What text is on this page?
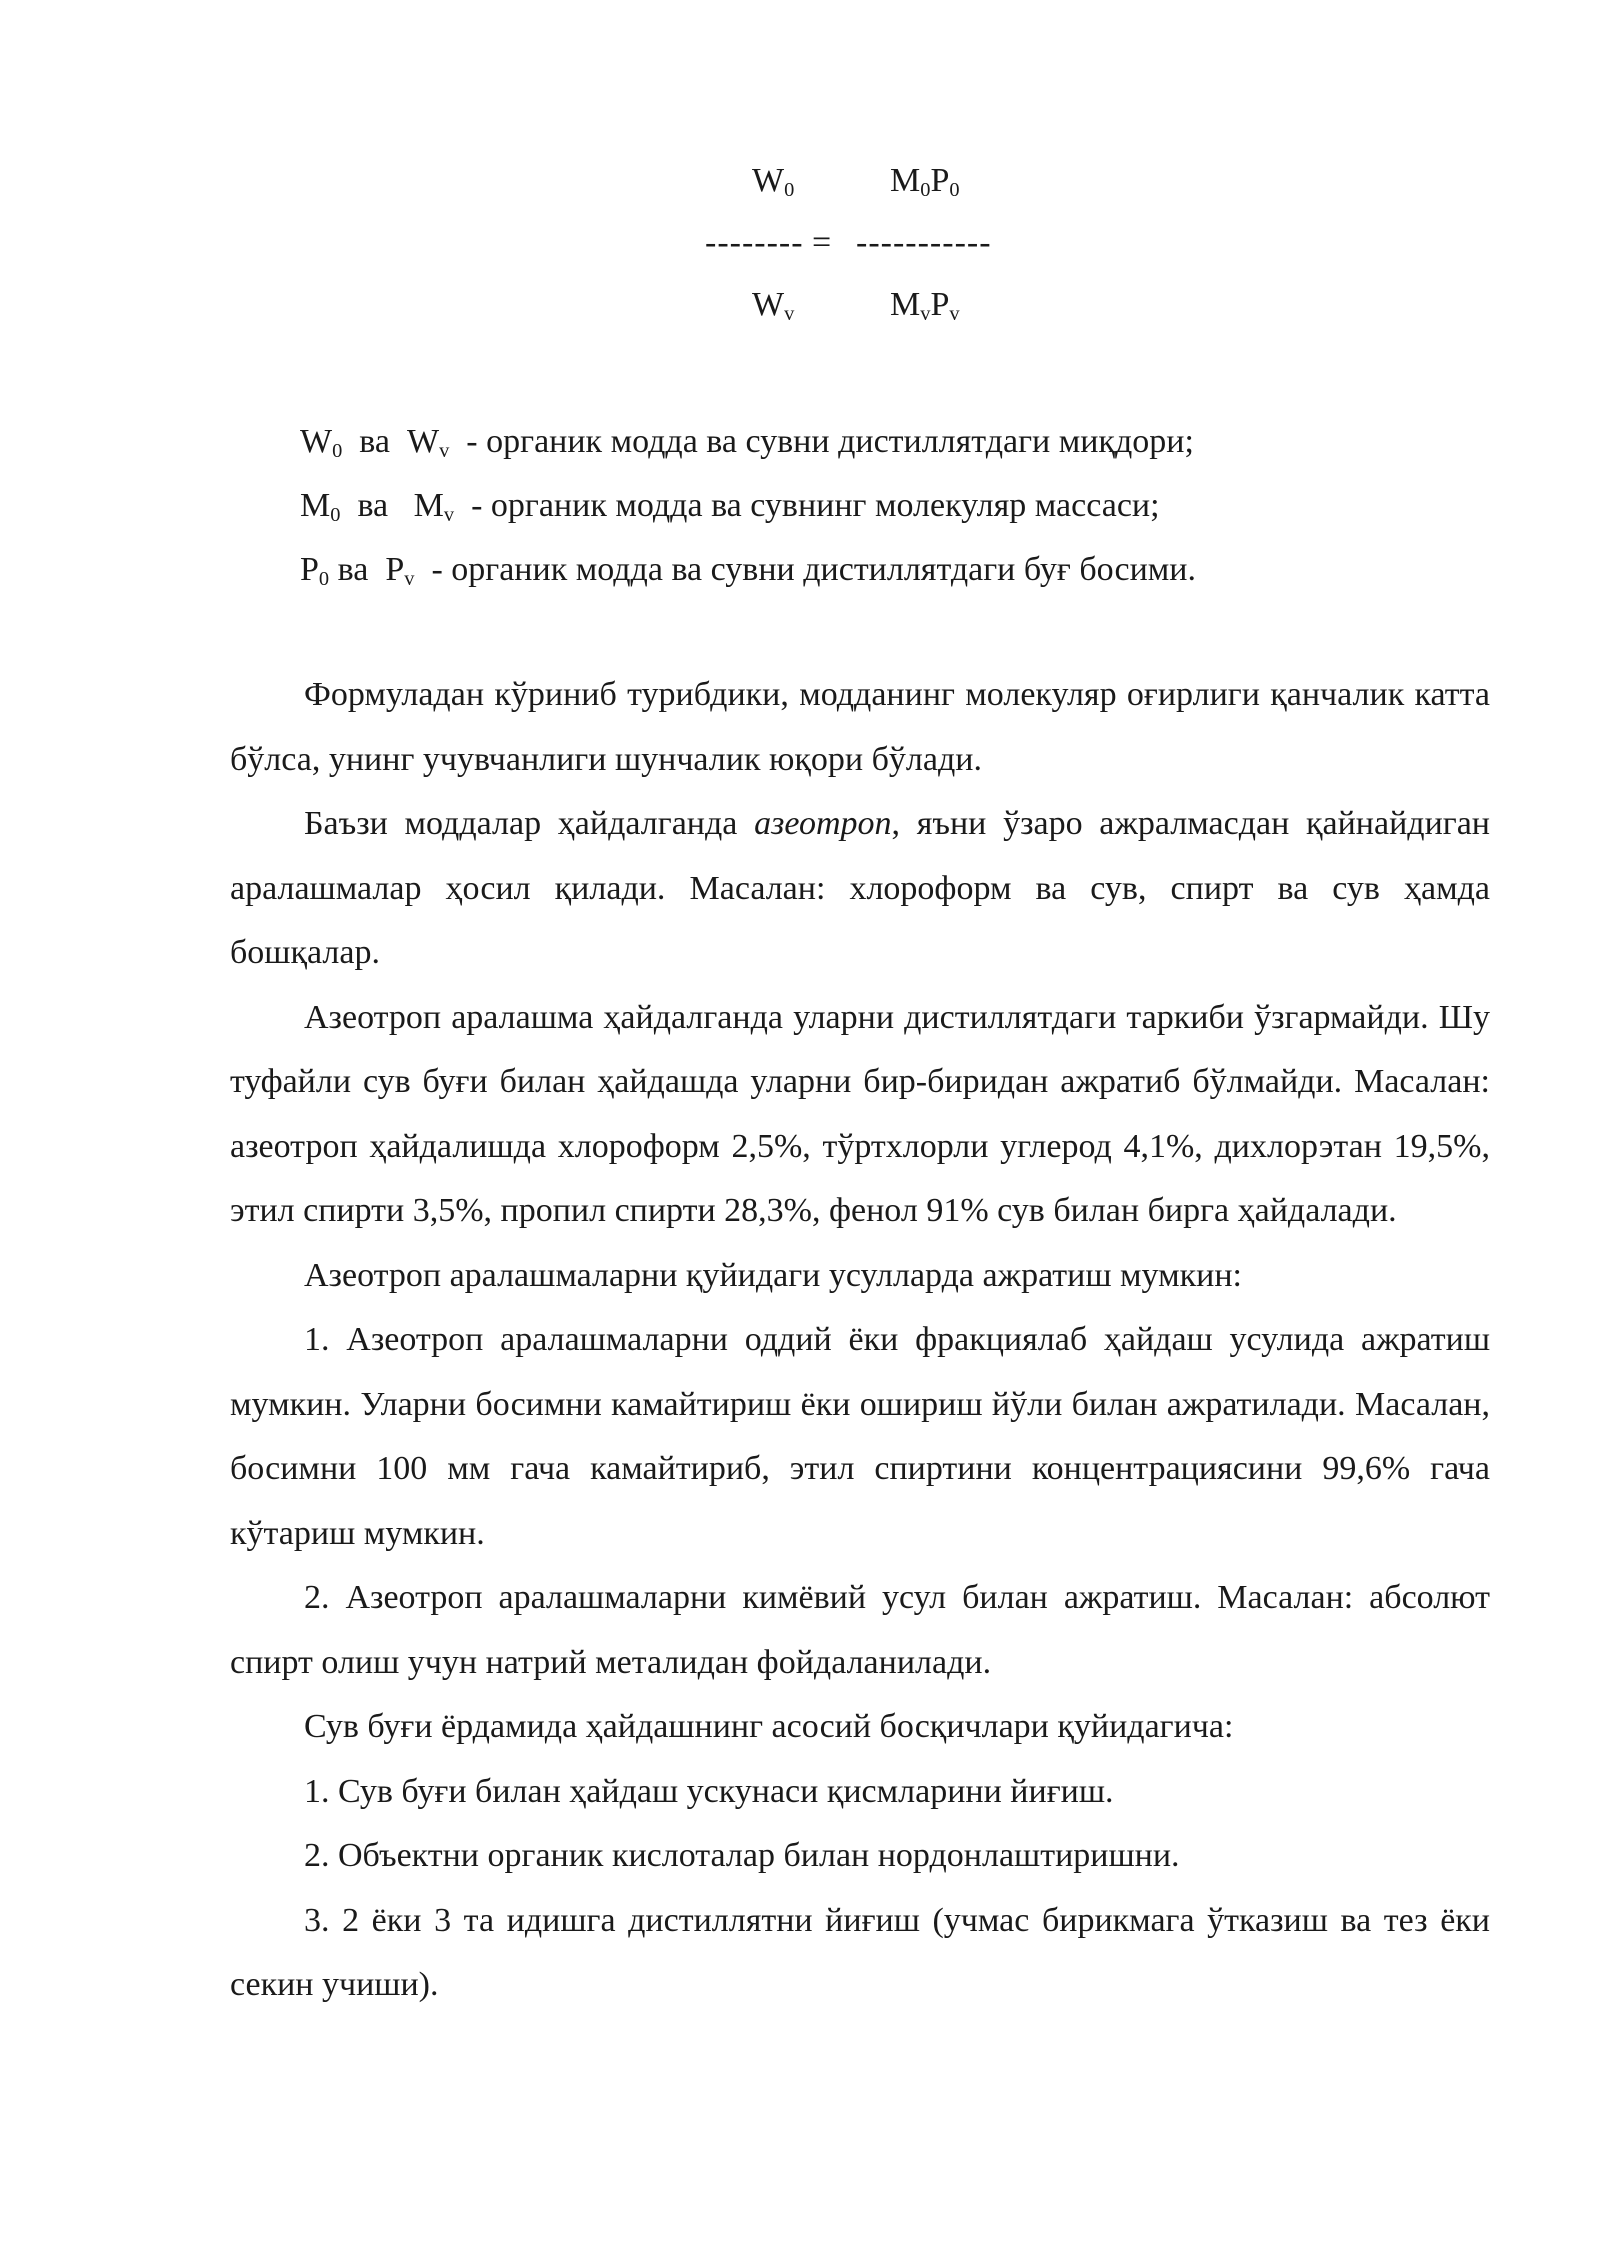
$W_0$	$M_0P_0$
-------- = -----------
$W_v$	$M_vP_v$
$W_0$ ва $W_v$ - органик модда ва сувни дистиллятдаги миқдори;
$M_0$ ва $M_v$ - органик модда ва сувнинг молекуляр массаси;
$P_0$ ва $P_v$ - органик модда ва сувни дистиллятдаги буғ босими.

Формуладан кўриниб турибдики, модданинг молекуляр оғирлиги қанчалик катта бўлса, унинг учувчанлиги шунчалик юқори бўлади.

Баъзи моддалар ҳайдалганда азеотроп, яъни ўзаро ажралмасдан қайнайдиган аралашмалар ҳосил қилади. Масалан: хлороформ ва сув, спирт ва сув ҳамда бошқалар.

Азеотроп аралашма ҳайдалганда уларни дистиллятдаги таркиби ўзгармайди. Шу туфайли сув буғи билан ҳайдашда уларни бир-биридан ажратиб бўлмайди. Масалан: азеотроп ҳайдалишда хлороформ 2,5%, тўртхлорли углерод 4,1%, дихлорэтан 19,5%, этил спирти 3,5%, пропил спирти 28,3%, фенол 91% сув билан бирга ҳайдалади.

Азеотроп аралашмаларни қуйидаги усулларда ажратиш мумкин:

1. Азеотроп аралашмаларни оддий ёки фракциялаб ҳайдаш усулида ажратиш мумкин. Уларни босимни камайтириш ёки ошириш йўли билан ажратилади. Масалан, босимни 100 мм гача камайтириб, этил спиртини концентрациясини 99,6% гача кўтариш мумкин.

2. Азеотроп аралашмаларни кимёвий усул билан ажратиш. Масалан: абсолют спирт олиш учун натрий металидан фойдаланилади.

Сув буғи ёрдамида ҳайдашнинг асосий босқичлари қуйидагича:

1. Сув буғи билан ҳайдаш ускунаси қисмларини йиғиш.

2. Объектни органик кислоталар билан нордонлаштиришни.

3. 2 ёки 3 та идишга дистиллятни йиғиш (учмас бирикмага ўтказиш ва тез ёки секин учиши).
